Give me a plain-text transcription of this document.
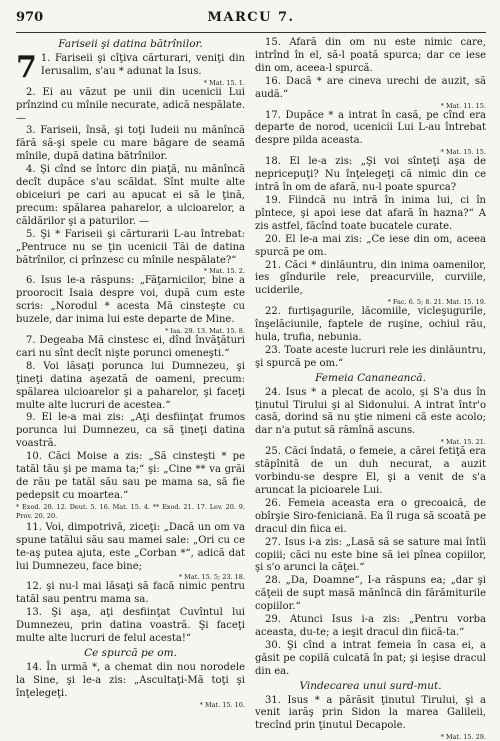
970	MARCU 7.
Fariseii şi datina bătrînilor.

7 1. Fariseii şi cîţiva cărturari, veniţi din Ierusalim, s'au * adunat la Isus.
* Mat. 15. 1.

2. Ei au văzut pe unii din ucenicii Lui prînzind cu mînile necurate, adică nespălate. —

3. Fariseii, însă, şi toţi Iudeii nu mănîncă fără să-şi spele cu mare băgare de seamă mînile, după datina bătrînilor.

4. Şi cînd se întorc din piaţă, nu mănîncă decît dupăce s'au scăldat. Sînt multe alte obiceiuri pe cari au apucat ei să le ţină, precum: spălarea paharelor, a ulcioarelor, a căldărilor şi a paturilor. —

5. Şi * Fariseii şi cărturarii L-au întrebat: „Pentruce nu se ţin ucenicii Tăi de datina bătrînilor, ci prînzesc cu mînile nespălate?“
* Mat. 15. 2.

6. Isus le-a răspuns: „Făţarnicilor, bine a proorocit Isaia despre voi, după cum este scris: „Norodul * acesta Mă cinsteşte cu buzele, dar inima lui este departe de Mine.
* Isa. 29. 13. Mat. 15. 8.

7. Degeaba Mă cinstesc ei, dînd învăţături cari nu sînt decît nişte porunci omeneşti.“

8. Voi lăsaţi porunca lui Dumnezeu, şi ţineţi datina aşezată de oameni, precum: spălarea ulcioarelor şi a paharelor, şi faceţi multe alte lucruri de acestea.“

9. El le-a mai zis: „Aţi desfiinţat frumos porunca lui Dumnezeu, ca să ţineţi datina voastră.

10. Căci Moise a zis: „Să cinsteşti * pe tatăl tău şi pe mama ta;“ şi: „Cine ** va grăi de rău pe tatăl său sau pe mama sa, să fie pedepsit cu moartea.“

* Exod. 20. 12. Deut. 5. 16. Mat. 15. 4. ** Exod. 21. 17. Lev. 20. 9. Prov. 20. 20.

11. Voi, dimpotrivă, ziceţi: „Dacă un om va spune tatălui său sau mamei sale: „Ori cu ce te-aş putea ajuta, este „Corban *“, adică dat lui Dumnezeu, face bine;
* Mat. 15. 5; 23. 18.

12. şi nu-l mai lăsaţi să facă nimic pentru tatăl sau pentru mama sa.

13. Şi aşa, aţi desfiinţat Cuvîntul lui Dumnezeu, prin datina voastră. Şi faceţi multe alte lucruri de felul acesta!“

Ce spurcă pe om.

14. În urmă *, a chemat din nou norodele la Sine, şi le-a zis: „Ascultaţi-Mă toţi şi înţelegeţi.
* Mat. 15. 10.

15. Afară din om nu este nimic care, intrînd în el, să-l poată spurca; dar ce iese din om, aceea-l spurcă.

16. Dacă * are cineva urechi de auzit, să audă.“
* Mat. 11. 15.

17. Dupăce * a intrat în casă, pe cînd era departe de norod, ucenicii Lui L-au întrebat despre pilda aceasta.
* Mat. 15. 15.

18. El le-a zis: „Şi voi sînteţi aşa de nepricepuţi? Nu înţelegeţi că nimic din ce intră în om de afară, nu-l poate spurca?

19. Fiindcă nu intră în inima lui, ci în pîntece, şi apoi iese dat afară în hazna?“ A zis astfel, făcînd toate bucatele curate.

20. El le-a mai zis: „Ce iese din om, aceea spurcă pe om.

21. Căci * dinlăuntru, din inima oamenilor, ies gîndurile rele, preacurviile, curviile, uciderile,
* Fac. 6. 5; 8. 21. Mat. 15. 19.

22. furtişagurile, lăcomiile, vicleşugurile, înşelăciunile, faptele de ruşine, ochiul rău, hula, trufia, nebunia.

23. Toate aceste lucruri rele ies dinlăuntru, şi spurcă pe om.“

Femeia Cananeancă.

24. Isus * a plecat de acolo, şi S'a dus în ţinutul Tirului şi al Sidonului. A intrat într'o casă, dorind să nu ştie nimeni că este acolo; dar n'a putut să rămînă ascuns.
* Mat. 15. 21.

25. Căci îndată, o femeie, a cărei fetiţă era stăpînită de un duh necurat, a auzit vorbindu-se despre El, şi a venit de s'a aruncat la picioarele Lui.

26. Femeia aceasta era o grecoaică, de obîrşie Siro-feniciană. Ea îl ruga să scoată pe dracul din fiica ei.

27. Isus i-a zis: „Lasă să se sature mai întîi copiii; căci nu este bine să iei pînea copiilor, şi s'o arunci la căţei.“

28. „Da, Doamne“, I-a răspuns ea; „dar şi căţeii de supt masă mănîncă din fărămiturile copiilor.“

29. Atunci Isus i-a zis: „Pentru vorba aceasta, du-te; a ieşit dracul din fiică-ta.“

30. Şi cînd a intrat femeia în casa ei, a găsit pe copilă culcată în pat; şi ieşise dracul din ea.

Vindecarea unui surd-mut.

31. Isus * a părăsit ţinutul Tirului, şi a venit iarăş prin Sidon la marea Galileii, trecînd prin ţinutul Decapole.
* Mat. 15. 29.
